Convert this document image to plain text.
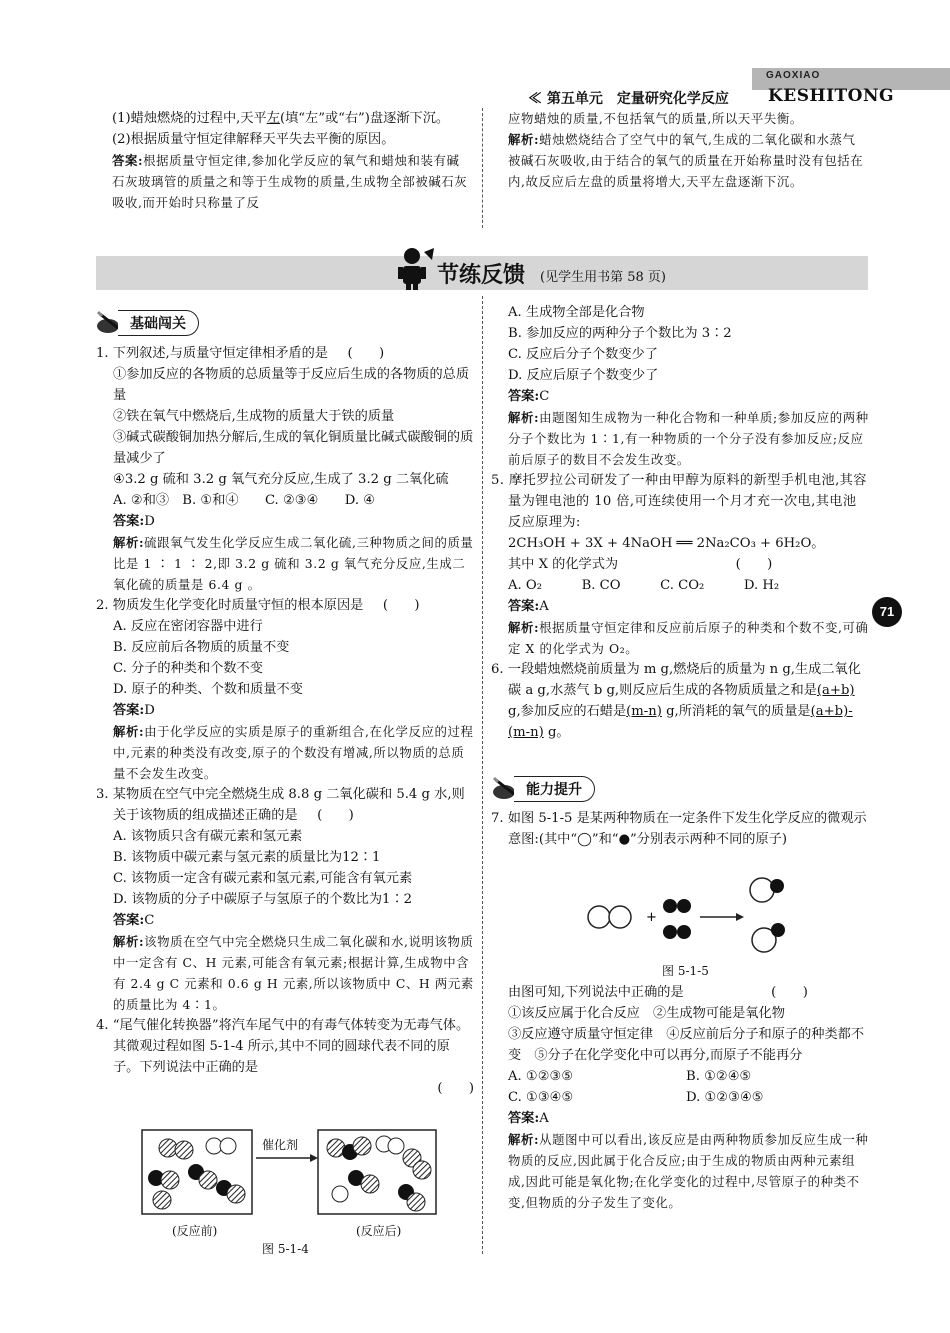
GAOXIAO
≪ 第五单元　定量研究化学反应 KESHITONG

(1)蜡烛燃烧的过程中,天平左(填“左”或“右”)盘逐渐下沉。

(2)根据质量守恒定律解释天平失去平衡的原因。

答案:根据质量守恒定律,参加化学反应的氧气和蜡烛和装有碱石灰玻璃管的质量之和等于生成物的质量,生成物全部被碱石灰吸收,而开始时只称量了反

应物蜡烛的质量,不包括氧气的质量,所以天平失衡。

解析:蜡烛燃烧结合了空气中的氧气,生成的二氧化碳和水蒸气被碱石灰吸收,由于结合的氧气的质量在开始称量时没有包括在内,故反应后左盘的质量将增大,天平左盘逐渐下沉。

节练反馈 (见学生用书第 58 页)
基础闯关

1. 下列叙述,与质量守恒定律相矛盾的是 (　　)

①参加反应的各物质的总质量等于反应后生成的各物质的总质量

②铁在氧气中燃烧后,生成物的质量大于铁的质量

③碱式碳酸铜加热分解后,生成的氧化铜质量比碱式碳酸铜的质量减少了

④3.2 g 硫和 3.2 g 氧气充分反应,生成了 3.2 g 二氧化硫

A. ②和③　B. ①和④　　C. ②③④　　D. ④

答案:D

解析:硫跟氧气发生化学反应生成二氧化硫,三种物质之间的质量比是 1 ∶ 1 ∶ 2,即 3.2 g 硫和 3.2 g 氧气充分反应,生成二氧化硫的质量是 6.4 g 。

2. 物质发生化学变化时质量守恒的根本原因是 (　　)

A. 反应在密闭容器中进行

B. 反应前后各物质的质量不变

C. 分子的种类和个数不变

D. 原子的种类、个数和质量不变

答案:D

解析:由于化学反应的实质是原子的重新组合,在化学反应的过程中,元素的种类没有改变,原子的个数没有增减,所以物质的总质量不会发生改变。

3. 某物质在空气中完全燃烧生成 8.8 g 二氧化碳和 5.4 g 水,则关于该物质的组成描述正确的是 (　　)

A. 该物质只含有碳元素和氢元素

B. 该物质中碳元素与氢元素的质量比为12∶1

C. 该物质一定含有碳元素和氢元素,可能含有氧元素

D. 该物质的分子中碳原子与氢原子的个数比为1∶2

答案:C

解析:该物质在空气中完全燃烧只生成二氧化碳和水,说明该物质中一定含有 C、H 元素,可能含有氧元素;根据计算,生成物中含有 2.4 g C 元素和 0.6 g H 元素,所以该物质中 C、H 两元素的质量比为 4∶1。

4. “尾气催化转换器”将汽车尾气中的有毒气体转变为无毒气体。其微观过程如图 5-1-4 所示,其中不同的圆球代表不同的原子。下列说法中正确的是

(　　)

催化剂
(反应前)	(反应后)
图 5-1-4

A. 生成物全部是化合物

B. 参加反应的两种分子个数比为 3∶2

C. 反应后分子个数变少了

D. 反应后原子个数变少了

答案:C

解析:由题图知生成物为一种化合物和一种单质;参加反应的两种分子个数比为 1∶1,有一种物质的一个分子没有参加反应;反应前后原子的数目不会发生改变。

5. 摩托罗拉公司研发了一种由甲醇为原料的新型手机电池,其容量为锂电池的 10 倍,可连续使用一个月才充一次电,其电池反应原理为:

2CH₃OH + 3X + 4NaOH ══ 2Na₂CO₃ + 6H₂O。

其中 X 的化学式为	(　　)

A. O₂　　　B. CO　　　C. CO₂　　　D. H₂

答案:A

解析:根据质量守恒定律和反应前后原子的种类和个数不变,可确定 X 的化学式为 O₂。

6. 一段蜡烛燃烧前质量为 m g,燃烧后的质量为 n g,生成二氧化碳 a g,水蒸气 b g,则反应后生成的各物质质量之和是(a+b) g,参加反应的石蜡是(m-n) g,所消耗的氧气的质量是(a+b)-(m-n) g。

71
能力提升

7. 如图 5-1-5 是某两种物质在一定条件下发生化学反应的微观示意图:(其中“◯”和“●”分别表示两种不同的原子)

+
图 5-1-5

由图可知,下列说法中正确的是	(　　)

①该反应属于化合反应　②生成物可能是氧化物

③反应遵守质量守恒定律　④反应前后分子和原子的种类都不变　⑤分子在化学变化中可以再分,而原子不能再分

A. ①②③⑤	B. ①②④⑤

C. ①③④⑤	D. ①②③④⑤

答案:A

解析:从题图中可以看出,该反应是由两种物质参加反应生成一种物质的反应,因此属于化合反应;由于生成的物质由两种元素组成,因此可能是氧化物;在化学变化的过程中,尽管原子的种类不变,但物质的分子发生了变化。
